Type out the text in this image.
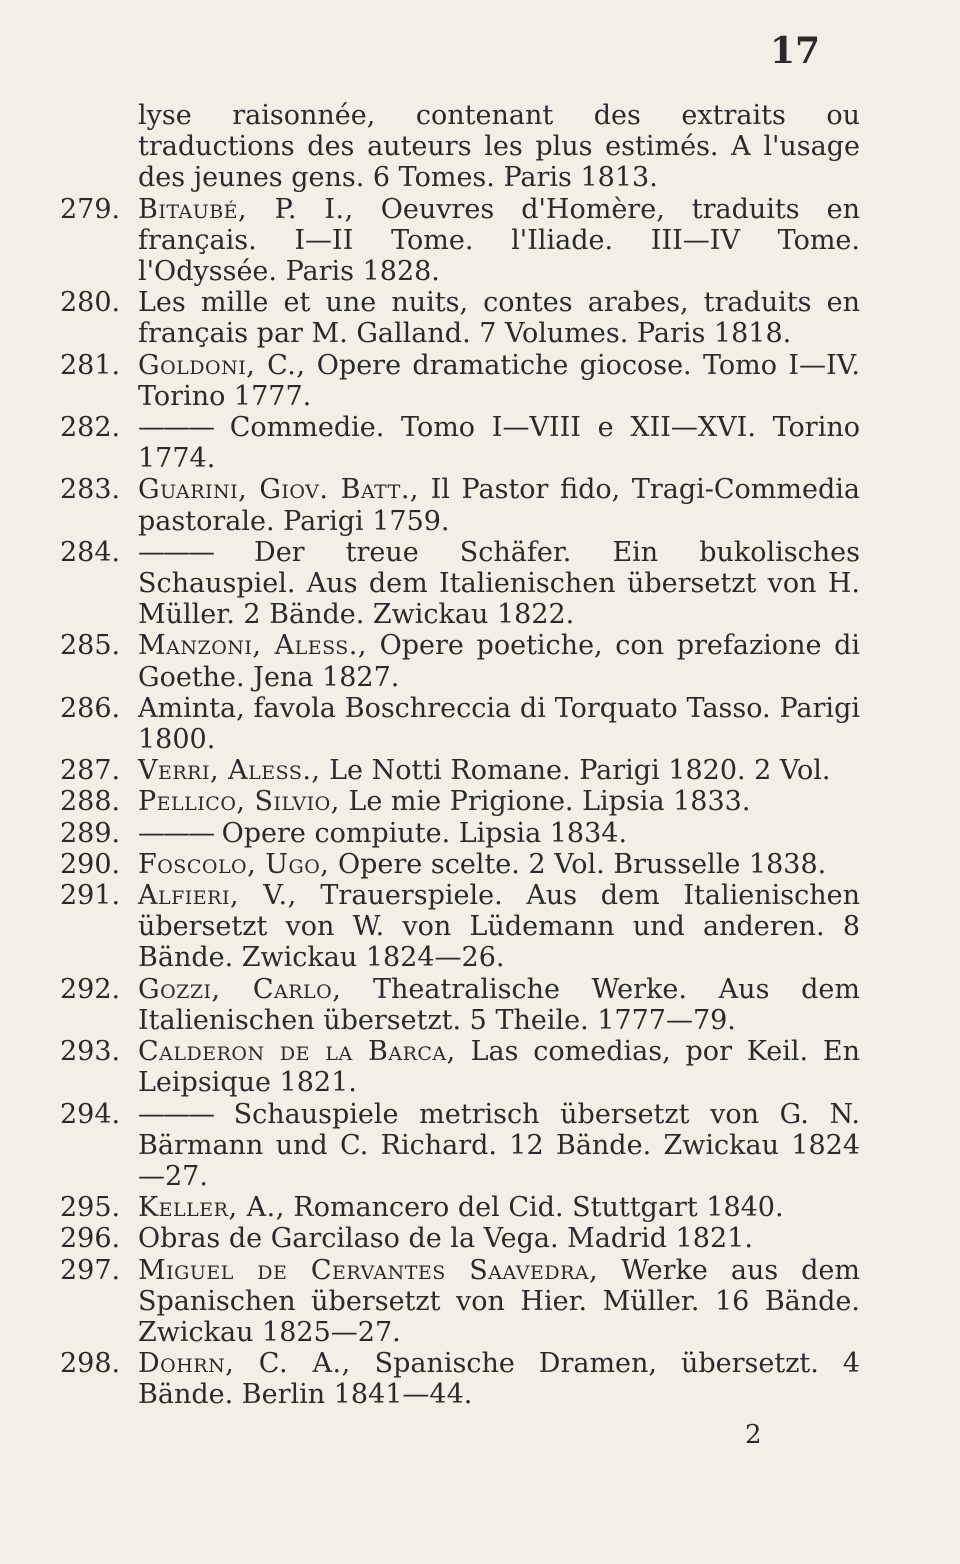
17
lyse raisonnée, contenant des extraits ou traductions des auteurs les plus estimés. A l'usage des jeunes gens. 6 Tomes. Paris 1813.
279. Bitaubé, P. I., Oeuvres d'Homère, traduits en français. I—II Tome. l'Iliade. III—IV Tome. l'Odyssée. Paris 1828.
280. Les mille et une nuits, contes arabes, traduits en français par M. Galland. 7 Volumes. Paris 1818.
281. Goldoni, C., Opere dramatiche giocose. Tomo I—IV. Torino 1777.
282. ——— Commedie. Tomo I—VIII e XII—XVI. Torino 1774.
283. Guarini, Giov. Batt., Il Pastor fido, Tragi-Commedia pastorale. Parigi 1759.
284. ——— Der treue Schäfer. Ein bukolisches Schauspiel. Aus dem Italienischen übersetzt von H. Müller. 2 Bände. Zwickau 1822.
285. Manzoni, Aless., Opere poetiche, con prefazione di Goethe. Jena 1827.
286. Aminta, favola Boschreccia di Torquato Tasso. Parigi 1800.
287. Verri, Aless., Le Notti Romane. Parigi 1820. 2 Vol.
288. Pellico, Silvio, Le mie Prigione. Lipsia 1833.
289. ——— Opere compiute. Lipsia 1834.
290. Foscolo, Ugo, Opere scelte. 2 Vol. Brusselle 1838.
291. Alfieri, V., Trauerspiele. Aus dem Italienischen übersetzt von W. von Lüdemann und anderen. 8 Bände. Zwickau 1824—26.
292. Gozzi, Carlo, Theatralische Werke. Aus dem Italienischen übersetzt. 5 Theile. 1777—79.
293. Calderon de la Barca, Las comedias, por Keil. En Leipsique 1821.
294. ——— Schauspiele metrisch übersetzt von G. N. Bärmann und C. Richard. 12 Bände. Zwickau 1824—27.
295. Keller, A., Romancero del Cid. Stuttgart 1840.
296. Obras de Garcilaso de la Vega. Madrid 1821.
297. Miguel de Cervantes Saavedra, Werke aus dem Spanischen übersetzt von Hier. Müller. 16 Bände. Zwickau 1825—27.
298. Dohrn, C. A., Spanische Dramen, übersetzt. 4 Bände. Berlin 1841—44.
2
